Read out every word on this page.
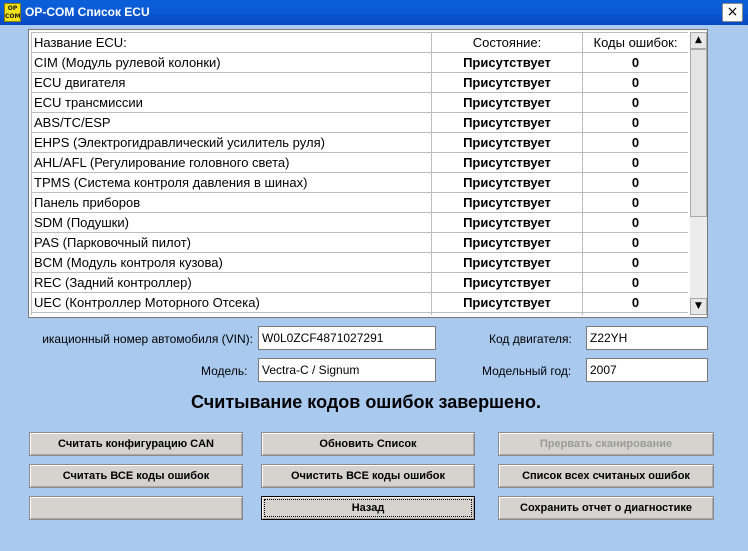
OP COM OP-COM Список ECU	×
Название ECU:	Состояние:	Коды ошибок:
CIM (Модуль рулевой колонки)	Присутствует	0
ECU двигателя	Присутствует	0
ECU трансмиссии	Присутствует	0
ABS/TC/ESP	Присутствует	0
EHPS (Электрогидравлический усилитель руля)	Присутствует	0
AHL/AFL (Регулирование головного света)	Присутствует	0
TPMS (Система контроля давления в шинах)	Присутствует	0
Панель приборов	Присутствует	0
SDM (Подушки)	Присутствует	0
PAS (Парковочный пилот)	Присутствует	0
BCM (Модуль контроля кузова)	Присутствует	0
REC (Задний контроллер)	Присутствует	0
UEC (Контроллер Моторного Отсека)	Присутствует	0

▲
▼
икационный номер автомобиля (VIN): W0L0ZCF4871027291	Код двигателя:	Z22YH
Модель:	Vectra-C / Signum	Модельный год:	2007
Считывание кодов ошибок завершено.
Считать конфигурацию CAN	Обновить Список	Прервать сканирование
Считать ВСЕ коды ошибок	Очистить ВСЕ коды ошибок	Список всех считаных ошибок
Назад	Сохранить отчет о диагностике
